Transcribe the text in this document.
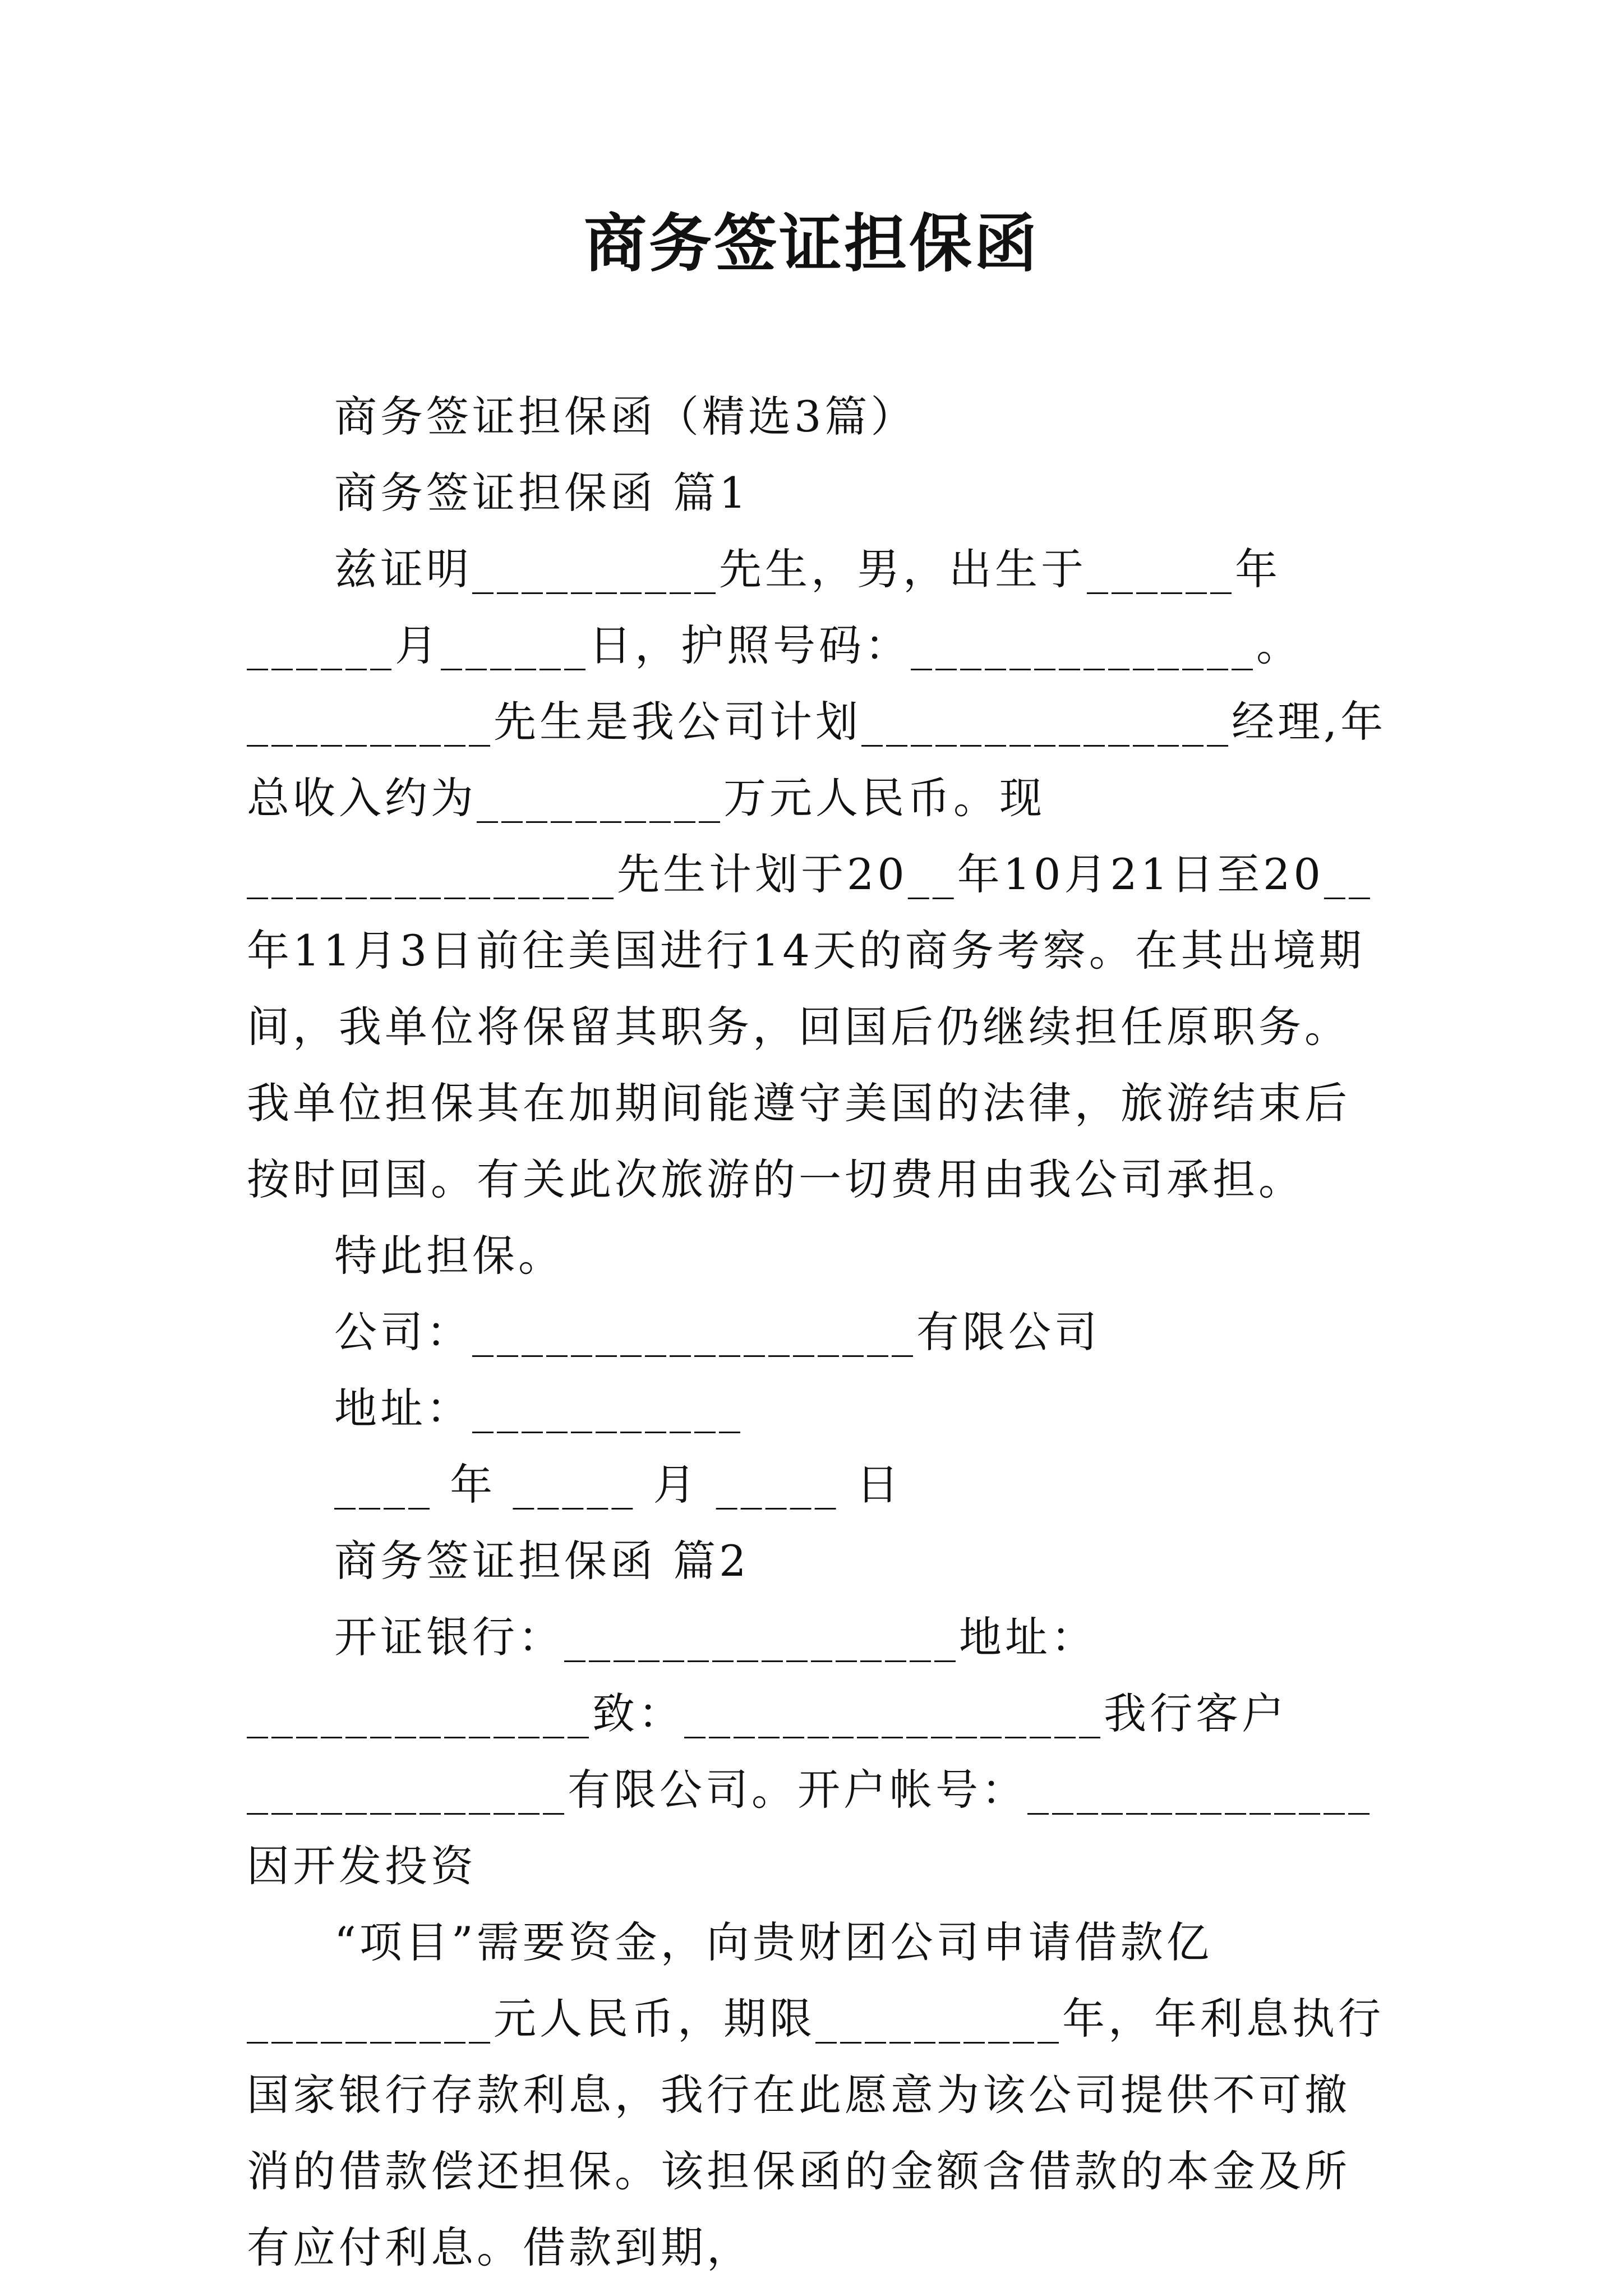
商务签证担保函

商务签证担保函（精选3篇）

商务签证担保函 篇1

兹证明__________先生，男，出生于______年______月______日，护照号码：______________。__________先生是我公司计划_______________经理,年总收入约为__________万元人民币。现_______________先生计划于20__年10月21日至20__年11月3日前往美国进行14天的商务考察。在其出境期间，我单位将保留其职务，回国后仍继续担任原职务。我单位担保其在加期间能遵守美国的法律，旅游结束后按时回国。有关此次旅游的一切费用由我公司承担。

特此担保。

公司：__________________有限公司

地址：___________

____ 年 _____ 月 _____ 日

商务签证担保函 篇2

开证银行：________________地址：______________致：_________________我行客户_____________有限公司。开户帐号：______________因开发投资

“项目”需要资金，向贵财团公司申请借款亿__________元人民币，期限__________年，年利息执行国家银行存款利息，我行在此愿意为该公司提供不可撤消的借款偿还担保。该担保函的金额含借款的本金及所有应付利息。借款到期，
